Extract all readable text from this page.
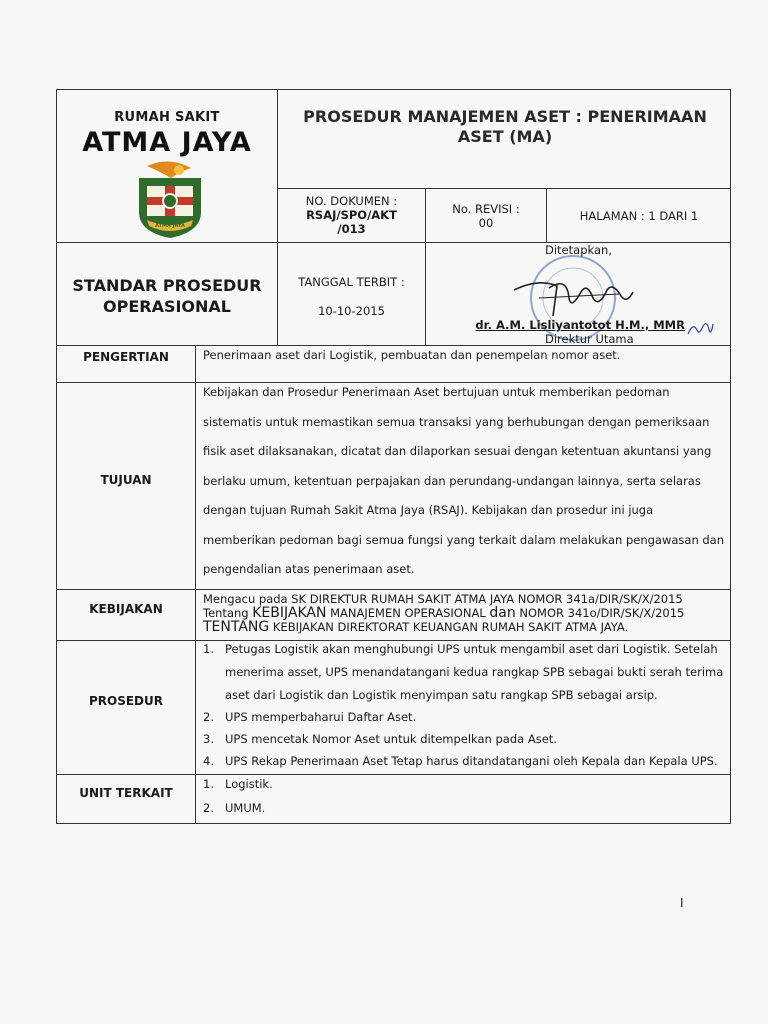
RUMAH SAKIT
ATMA JAYA
ATMA JAYA
PROSEDUR MANAJEMEN ASET : PENERIMAAN
ASET (MA)
NO. DOKUMEN :
RSAJ/SPO/AKT
/013
No. REVISI :
00	HALAMAN : 1 DARI 1
STANDAR PROSEDUR
OPERASIONAL
TANGGAL TERBIT :
10-10-2015
Ditetapkan,
dr. A.M. Lisliyantotot H.M., MMR
Direktur Utama
PENGERTIAN	Penerimaan aset dari Logistik, pembuatan dan penempelan nomor aset.
TUJUAN
Kebijakan dan Prosedur Penerimaan Aset bertujuan untuk memberikan pedoman
sistematis untuk memastikan semua transaksi yang berhubungan dengan pemeriksaan
fisik aset dilaksanakan, dicatat dan dilaporkan sesuai dengan ketentuan akuntansi yang
berlaku umum, ketentuan perpajakan dan perundang-undangan lainnya, serta selaras
dengan tujuan Rumah Sakit Atma Jaya (RSAJ). Kebijakan dan prosedur ini juga
memberikan pedoman bagi semua fungsi yang terkait dalam melakukan pengawasan dan
pengendalian atas penerimaan aset.
KEBIJAKAN
Mengacu pada SK DIREKTUR RUMAH SAKIT ATMA JAYA NOMOR 341a/DIR/SK/X/2015
Tentang KEBIJAKAN MANAJEMEN OPERASIONAL dan NOMOR 341o/DIR/SK/X/2015
TENTANG KEBIJAKAN DIREKTORAT KEUANGAN RUMAH SAKIT ATMA JAYA.
PROSEDUR
1. Petugas Logistik akan menghubungi UPS untuk mengambil aset dari Logistik. Setelah
menerima asset, UPS menandatangani kedua rangkap SPB sebagai bukti serah terima
aset dari Logistik dan Logistik menyimpan satu rangkap SPB sebagai arsip.
2. UPS memperbaharui Daftar Aset.
3. UPS mencetak Nomor Aset untuk ditempelkan pada Aset.
4. UPS Rekap Penerimaan Aset Tetap harus ditandatangani oleh Kepala dan Kepala UPS.
UNIT TERKAIT
1. Logistik.
2. UMUM.
I
